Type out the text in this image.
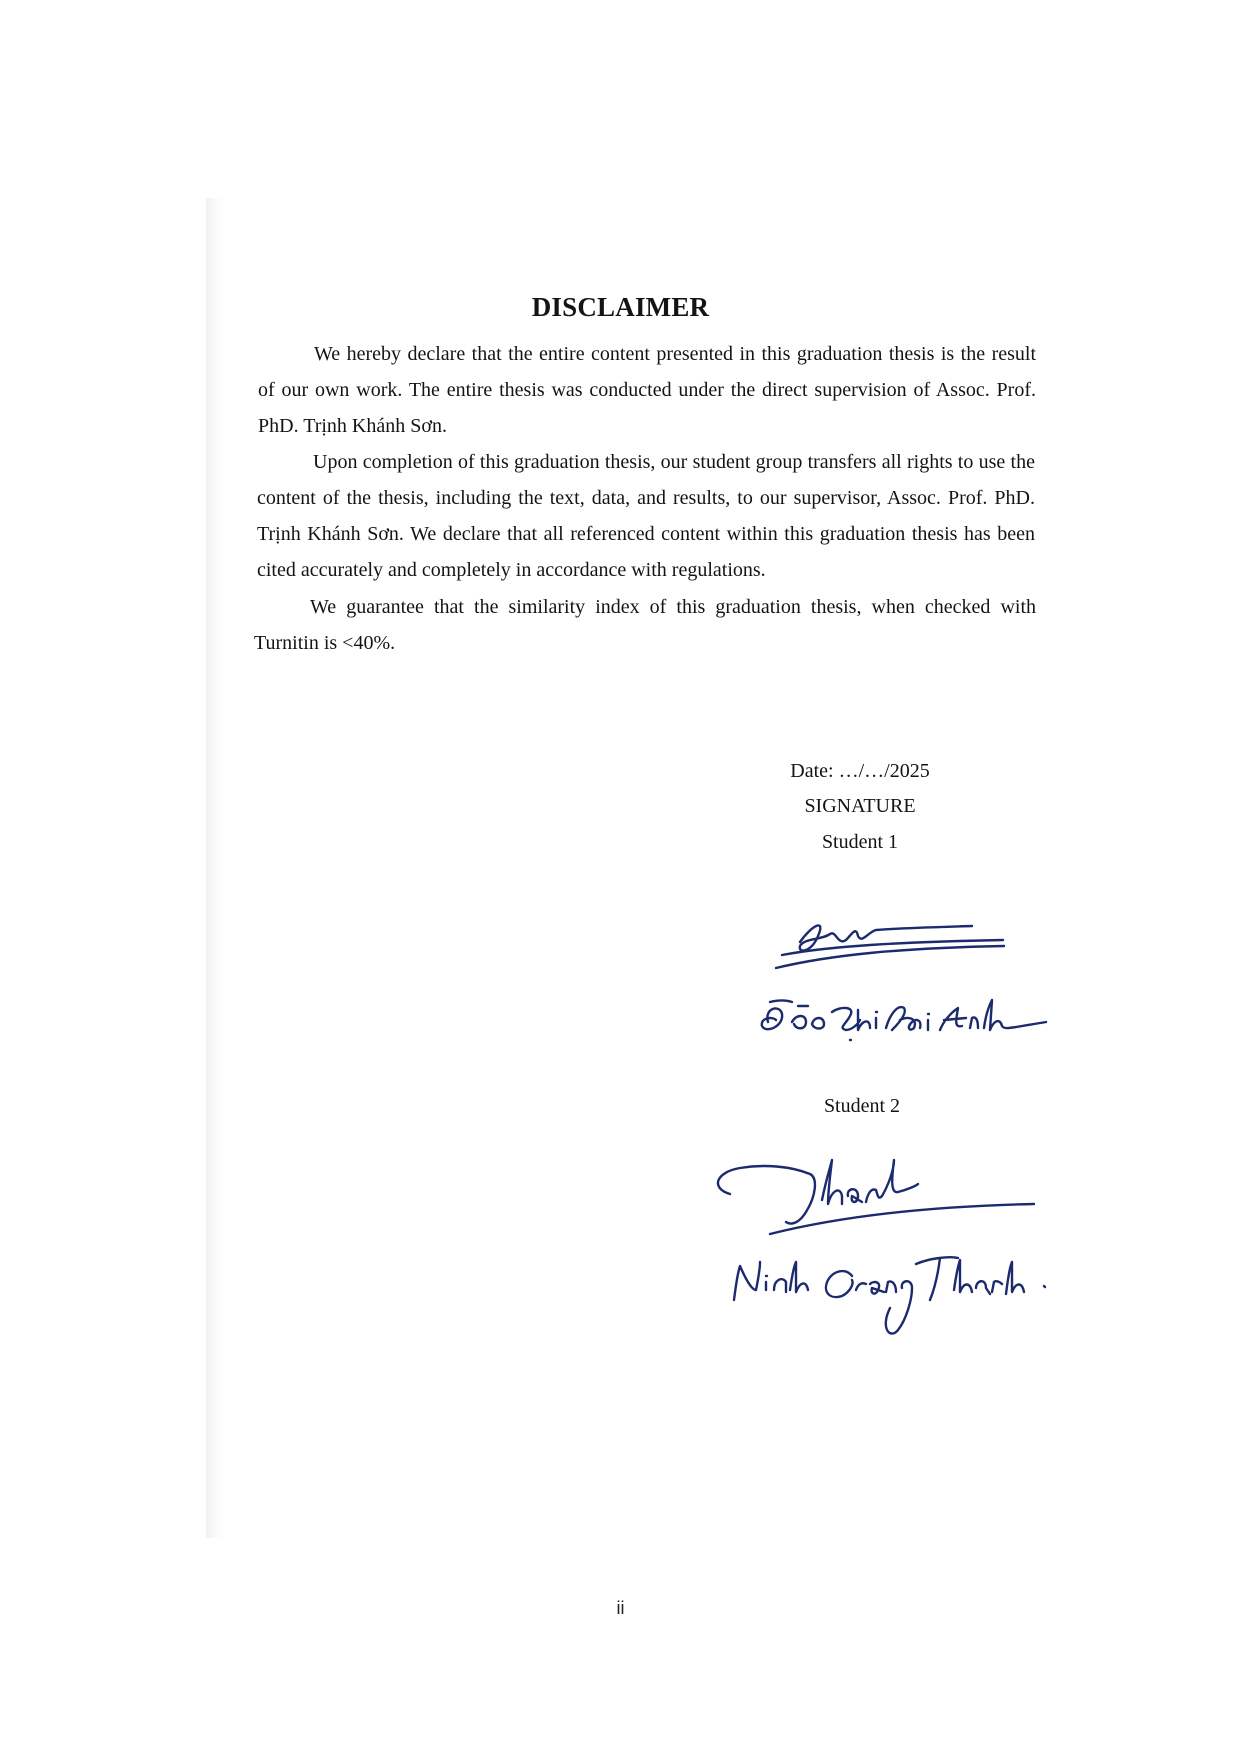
DISCLAIMER

We hereby declare that the entire content presented in this graduation thesis is the result of our own work. The entire thesis was conducted under the direct supervision of Assoc. Prof. PhD. Trịnh Khánh Sơn.

Upon completion of this graduation thesis, our student group transfers all rights to use the content of the thesis, including the text, data, and results, to our supervisor, Assoc. Prof. PhD. Trịnh Khánh Sơn. We declare that all referenced content within this graduation thesis has been cited accurately and completely in accordance with regulations.

We guarantee that the similarity index of this graduation thesis, when checked with Turnitin is <40%.

Date: …/…/2025
SIGNATURE
Student 1
Student 2
ii
